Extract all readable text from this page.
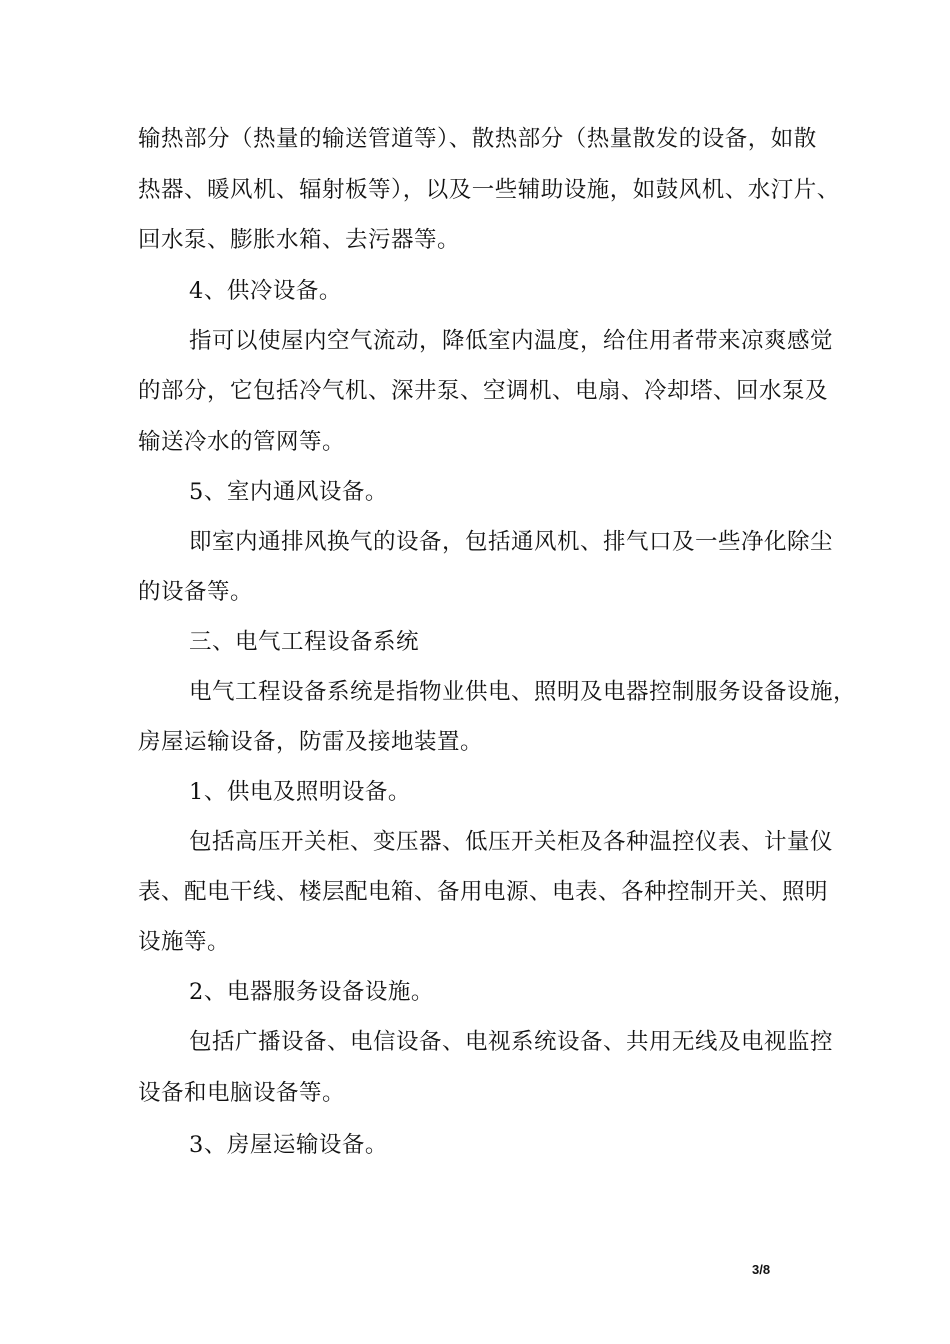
输热部分（热量的输送管道等）、散热部分（热量散发的设备，如散
热器、暖风机、辐射板等），以及一些辅助设施，如鼓风机、水汀片、
回水泵、膨胀水箱、去污器等。
4、供冷设备。
指可以使屋内空气流动，降低室内温度，给住用者带来凉爽感觉
的部分，它包括冷气机、深井泵、空调机、电扇、冷却塔、回水泵及
输送冷水的管网等。
5、室内通风设备。
即室内通排风换气的设备，包括通风机、排气口及一些净化除尘
的设备等。
三、电气工程设备系统
电气工程设备系统是指物业供电、照明及电器控制服务设备设施，
房屋运输设备，防雷及接地装置。
1、供电及照明设备。
包括高压开关柜、变压器、低压开关柜及各种温控仪表、计量仪
表、配电干线、楼层配电箱、备用电源、电表、各种控制开关、照明
设施等。
2、电器服务设备设施。
包括广播设备、电信设备、电视系统设备、共用无线及电视监控
设备和电脑设备等。
3、房屋运输设备。
3/8
